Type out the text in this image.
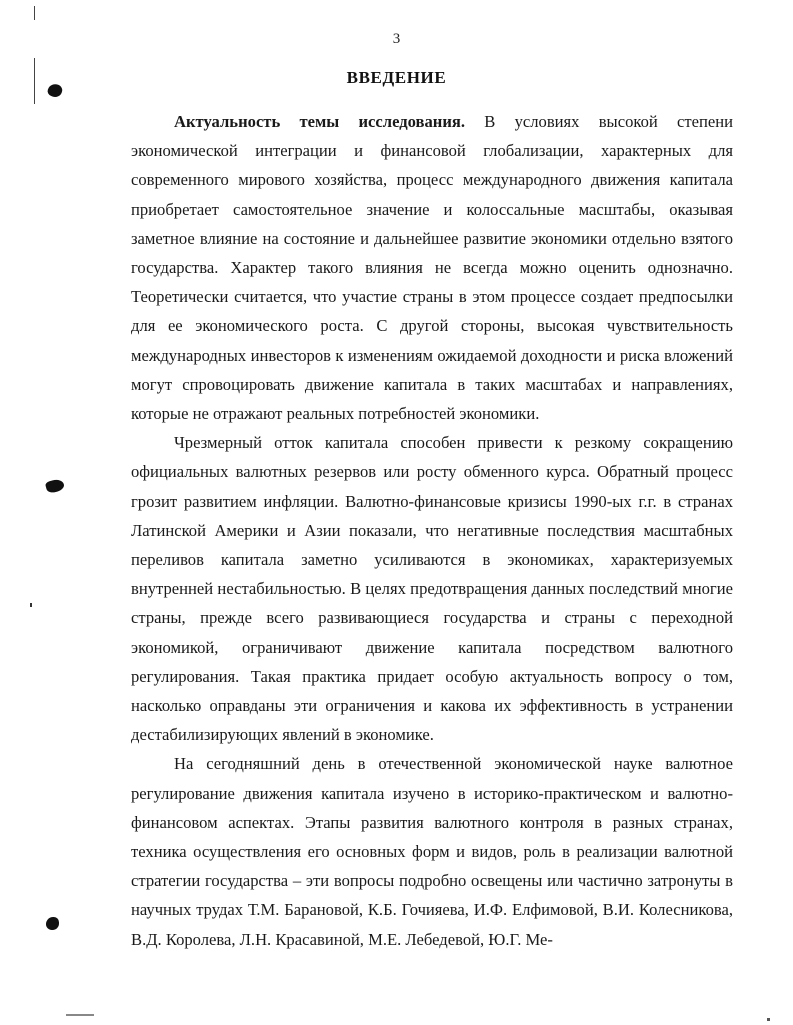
3
ВВЕДЕНИЕ

Актуальность темы исследования. В условиях высокой степени экономической интеграции и финансовой глобализации, характерных для современного мирового хозяйства, процесс международного движения капитала приобретает самостоятельное значение и колоссальные масштабы, оказывая заметное влияние на состояние и дальнейшее развитие экономики отдельно взятого государства. Характер такого влияния не всегда можно оценить однозначно. Теоретически считается, что участие страны в этом процессе создает предпосылки для ее экономического роста. С другой стороны, высокая чувствительность международных инвесторов к изменениям ожидаемой доходности и риска вложений могут спровоцировать движение капитала в таких масштабах и направлениях, которые не отражают реальных потребностей экономики.

Чрезмерный отток капитала способен привести к резкому сокращению официальных валютных резервов или росту обменного курса. Обратный процесс грозит развитием инфляции. Валютно-финансовые кризисы 1990-ых г.г. в странах Латинской Америки и Азии показали, что негативные последствия масштабных переливов капитала заметно усиливаются в экономиках, характеризуемых внутренней нестабильностью. В целях предотвращения данных последствий многие страны, прежде всего развивающиеся государства и страны с переходной экономикой, ограничивают движение капитала посредством валютного регулирования. Такая практика придает особую актуальность вопросу о том, насколько оправданы эти ограничения и какова их эффективность в устранении дестабилизирующих явлений в экономике.

На сегодняшний день в отечественной экономической науке валютное регулирование движения капитала изучено в историко-практическом и валютно-финансовом аспектах. Этапы развития валютного контроля в разных странах, техника осуществления его основных форм и видов, роль в реализации валютной стратегии государства – эти вопросы подробно освещены или частично затронуты в научных трудах Т.М. Барановой, К.Б. Гочияева, И.Ф. Елфимовой, В.И. Колесникова, В.Д. Королева, Л.Н. Красавиной, М.Е. Лебедевой, Ю.Г. Ме-
